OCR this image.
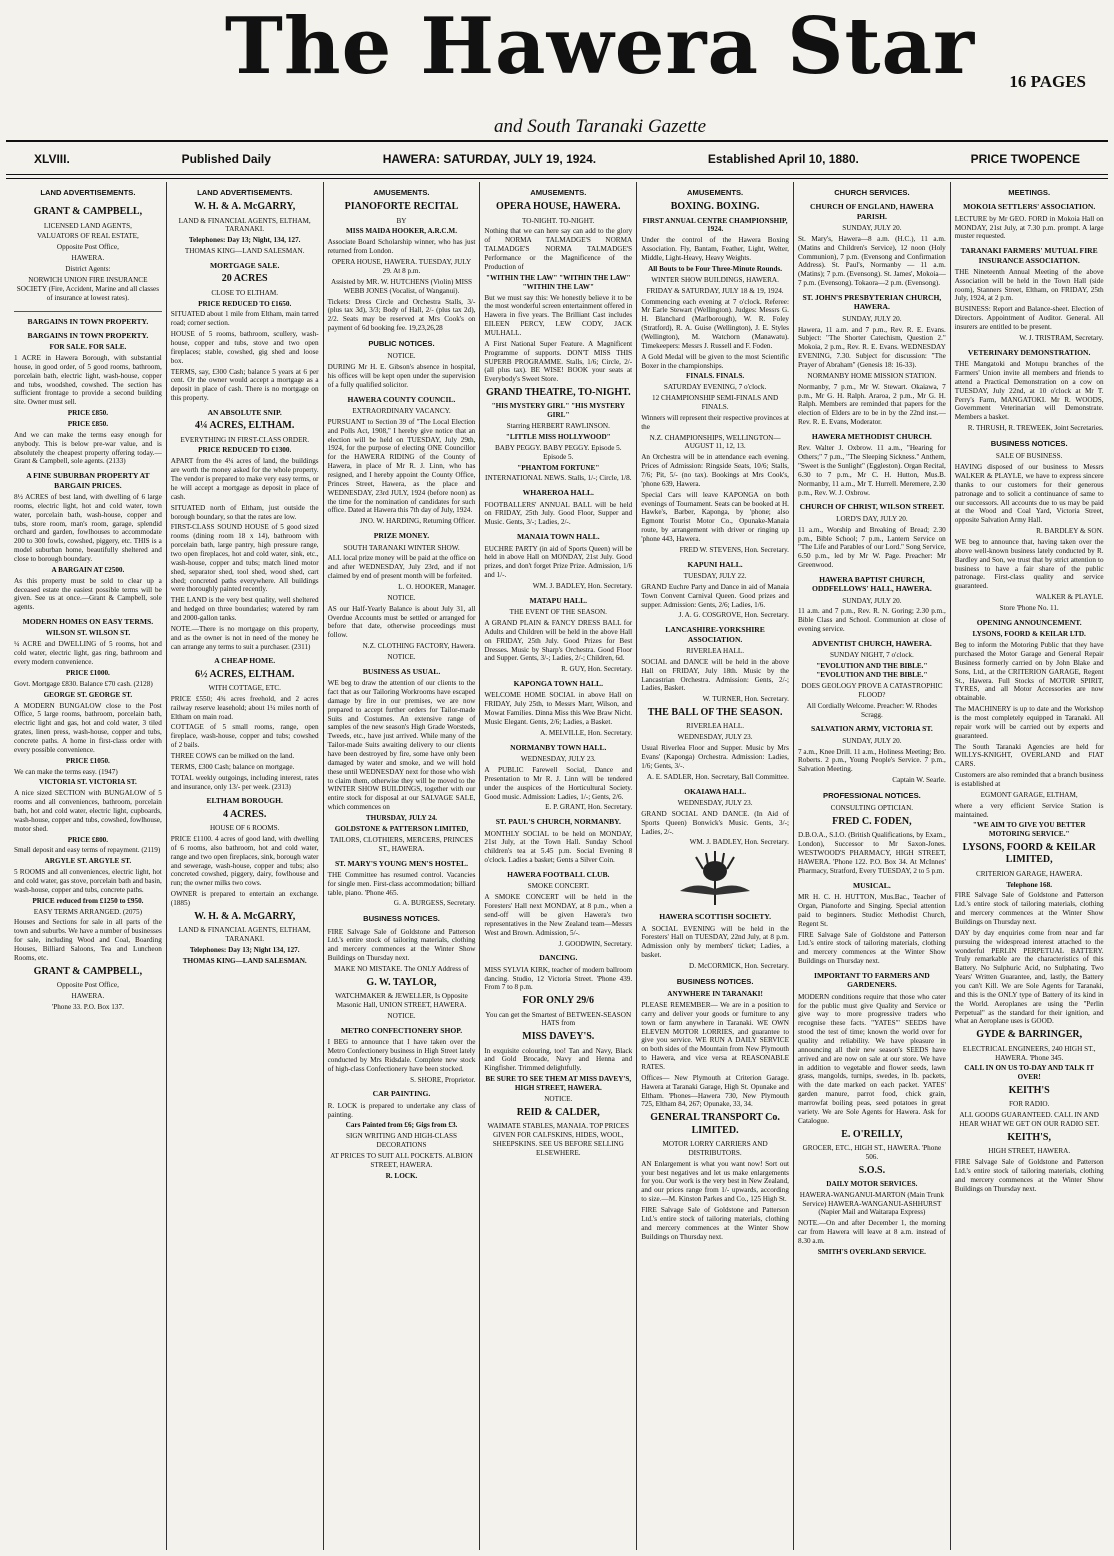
The Hawera Star	16 PAGES
and South Taranaki Gazette
XLVIII.	Published Daily	HAWERA: SATURDAY, JULY 19, 1924.	Established April 10, 1880.	PRICE TWOPENCE
LAND ADVERTISEMENTS.
GRANT & CAMPBELL,
LICENSED LAND AGENTS,
VALUATORS OF REAL ESTATE,
Opposite Post Office,
HAWERA.
District Agents:

NORWICH UNION FIRE INSURANCE SOCIETY (Fire, Accident, Marine and all classes of insurance at lowest rates).

BARGAINS IN TOWN PROPERTY.
BARGAINS IN TOWN PROPERTY.
FOR SALE. FOR SALE.

1 ACRE in Hawera Borough, with substantial house, in good order, of 5 good rooms, bathroom, porcelain bath, electric light, wash-house, copper and tubs, woodshed, cowshed. The section has sufficient frontage to provide a second building site. Owner must sell.

PRICE £850.
PRICE £850.

And we can make the terms easy enough for anybody. This is below pre-war value, and is absolutely the cheapest property offering today.—Grant & Campbell, sole agents. (2133)

A FINE SUBURBAN PROPERTY AT BARGAIN PRICES.

8½ ACRES of best land, with dwelling of 6 large rooms, electric light, hot and cold water, town water, porcelain bath, wash-house, copper and tubs, store room, man's room, garage, splendid orchard and garden, fowlhouses to accommodate 200 to 300 fowls, cowshed, piggery, etc. THIS is a model suburban home, beautifully sheltered and close to borough boundary.

A BARGAIN AT £2500.

As this property must be sold to clear up a deceased estate the easiest possible terms will be given. See us at once.—Grant & Campbell, sole agents.

MODERN HOMES ON EASY TERMS.
WILSON ST. WILSON ST.

¼ ACRE and DWELLING of 5 rooms, hot and cold water, electric light, gas ring, bathroom and every modern convenience.

PRICE £1000.

Govt. Mortgage £830. Balance £70 cash. (2128)

GEORGE ST. GEORGE ST.

A MODERN BUNGALOW close to the Post Office, 5 large rooms, bathroom, porcelain bath, electric light and gas, hot and cold water, 3 tiled grates, linen press, wash-house, copper and tubs, concrete paths. A home in first-class order with every possible convenience.

PRICE £1050.

We can make the terms easy. (1947)

VICTORIA ST. VICTORIA ST.

A nice sized SECTION with BUNGALOW of 5 rooms and all conveniences, bathroom, porcelain bath, hot and cold water, electric light, cupboards, wash-house, copper and tubs, cowshed, fowlhouse, motor shed.

PRICE £800.

Small deposit and easy terms of repayment. (2119)

ARGYLE ST. ARGYLE ST.

5 ROOMS and all conveniences, electric light, hot and cold water, gas stove, porcelain bath and basin, wash-house, copper and tubs, concrete paths.

PRICE reduced from £1250 to £950.
EASY TERMS ARRANGED. (2075)

Houses and Sections for sale in all parts of the town and suburbs. We have a number of businesses for sale, including Wood and Coal, Boarding Houses, Billiard Saloons, Tea and Luncheon Rooms, etc.

GRANT & CAMPBELL,
Opposite Post Office,
HAWERA.
'Phone 33. P.O. Box 137.
LAND ADVERTISEMENTS.
W. H. & A. McGARRY,
LAND & FINANCIAL AGENTS, ELTHAM, TARANAKI.
Telephones: Day 13; Night, 134, 127.
THOMAS KING—LAND SALESMAN.
MORTGAGE SALE.
20 ACRES
CLOSE TO ELTHAM.
PRICE REDUCED TO £1650.

SITUATED about 1 mile from Eltham, main tarred road; corner section.

HOUSE of 5 rooms, bathroom, scullery, wash-house, copper and tubs, stove and two open fireplaces; stable, cowshed, gig shed and loose box.

TERMS, say, £300 Cash; balance 5 years at 6 per cent. Or the owner would accept a mortgage as a deposit in place of cash. There is no mortgage on this property.

AN ABSOLUTE SNIP.
4¼ ACRES, ELTHAM.
EVERYTHING IN FIRST-CLASS ORDER.
PRICE REDUCED TO £1300.

APART from the 4¼ acres of land, the buildings are worth the money asked for the whole property. The vendor is prepared to make very easy terms, or he will accept a mortgage as deposit in place of cash.

SITUATED north of Eltham, just outside the borough boundary, so that the rates are low.

FIRST-CLASS SOUND HOUSE of 5 good sized rooms (dining room 18 x 14), bathroom with porcelain bath, large pantry, high pressure range, two open fireplaces, hot and cold water, sink, etc., wash-house, copper and tubs; match lined motor shed, separator shed, tool shed, wood shed, cart shed; concreted paths everywhere. All buildings were thoroughly painted recently.

THE LAND is the very best quality, well sheltered and hedged on three boundaries; watered by ram and 2000-gallon tanks.

NOTE.—There is no mortgage on this property, and as the owner is not in need of the money he can arrange any terms to suit a purchaser. (2311)

A CHEAP HOME.
6½ ACRES, ELTHAM.
WITH COTTAGE, ETC.

PRICE £550; 4¾ acres freehold, and 2 acres railway reserve leasehold; about 1¼ miles north of Eltham on main road.

COTTAGE of 5 small rooms, range, open fireplace, wash-house, copper and tubs; cowshed of 2 bails.

THREE COWS can be milked on the land.

TERMS, £300 Cash; balance on mortgage.

TOTAL weekly outgoings, including interest, rates and insurance, only 13/- per week. (2313)

ELTHAM BOROUGH.
4 ACRES.
HOUSE OF 6 ROOMS.

PRICE £1100. 4 acres of good land, with dwelling of 6 rooms, also bathroom, hot and cold water, range and two open fireplaces, sink, borough water and sewerage, wash-house, copper and tubs; also concreted cowshed, piggery, dairy, fowlhouse and run; the owner milks two cows.

OWNER is prepared to entertain an exchange. (1885)

W. H. & A. McGARRY,
LAND & FINANCIAL AGENTS, ELTHAM, TARANAKI.
Telephones: Day 13; Night 134, 127.
THOMAS KING—LAND SALESMAN.
AMUSEMENTS.
PIANOFORTE RECITAL
BY
MISS MAIDA HOOKER, A.R.C.M.

Associate Board Scholarship winner, who has just returned from London.

OPERA HOUSE, HAWERA. TUESDAY, JULY 29. At 8 p.m.
Assisted by MR. W. HUTCHENS (Violin) MISS WEBB JONES (Vocalist, of Wanganui).

Tickets: Dress Circle and Orchestra Stalls, 3/- (plus tax 3d), 3/3; Body of Hall, 2/- (plus tax 2d), 2/2. Seats may be reserved at Mrs Cook's on payment of 6d booking fee. 19,23,26,28

PUBLIC NOTICES.
NOTICE.

DURING Mr H. E. Gibson's absence in hospital, his offices will be kept open under the supervision of a fully qualified solicitor.

HAWERA COUNTY COUNCIL.
EXTRAORDINARY VACANCY.

PURSUANT to Section 39 of "The Local Election and Polls Act, 1908," I hereby give notice that an election will be held on TUESDAY, July 29th, 1924, for the purpose of electing ONE Councillor for the HAWERA RIDING of the County of Hawera, in place of Mr R. J. Linn, who has resigned, and I hereby appoint the County Office, Princes Street, Hawera, as the place and WEDNESDAY, 23rd JULY, 1924 (before noon) as the time for the nomination of candidates for such office. Dated at Hawera this 7th day of July, 1924.

JNO. W. HARDING, Returning Officer.
PRIZE MONEY.
SOUTH TARANAKI WINTER SHOW.

ALL local prize money will be paid at the office on and after WEDNESDAY, July 23rd, and if not claimed by end of present month will be forfeited.

L. O. HOOKER, Manager.
NOTICE.

AS our Half-Yearly Balance is about July 31, all Overdue Accounts must be settled or arranged for before that date, otherwise proceedings must follow.

N.Z. CLOTHING FACTORY, Hawera.
NOTICE.
BUSINESS AS USUAL.

WE beg to draw the attention of our clients to the fact that as our Tailoring Workrooms have escaped damage by fire in our premises, we are now prepared to accept further orders for Tailor-made Suits and Costumes. An extensive range of samples of the new season's High Grade Worsteds, Tweeds, etc., have just arrived. While many of the Tailor-made Suits awaiting delivery to our clients have been destroyed by fire, some have only been damaged by water and smoke, and we will hold these until WEDNESDAY next for those who wish to claim them, otherwise they will be moved to the WINTER SHOW BUILDINGS, together with our entire stock for disposal at our SALVAGE SALE, which commences on

THURSDAY, JULY 24.
GOLDSTONE & PATTERSON LIMITED,
TAILORS, CLOTHIERS, MERCERS, PRINCES ST., HAWERA.
ST. MARY'S YOUNG MEN'S HOSTEL.

THE Committee has resumed control. Vacancies for single men. First-class accommodation; billiard table, piano. 'Phone 465.

G. A. BURGESS, Secretary.
BUSINESS NOTICES.

FIRE Salvage Sale of Goldstone and Patterson Ltd.'s entire stock of tailoring materials, clothing and mercery commences at the Winter Show Buildings on Thursday next.

MAKE NO MISTAKE. The ONLY Address of
G. W. TAYLOR,
WATCHMAKER & JEWELLER, Is Opposite Masonic Hall, UNION STREET, HAWERA.
NOTICE.
METRO CONFECTIONERY SHOP.

I BEG to announce that I have taken over the Metro Confectionery business in High Street lately conducted by Mrs Ridsdale. Complete new stock of high-class Confectionery have been stocked.

S. SHORE, Proprietor.
CAR PAINTING.

R. LOCK is prepared to undertake any class of painting.

Cars Painted from £6; Gigs from £3.
SIGN WRITING AND HIGH-CLASS DECORATIONS
AT PRICES TO SUIT ALL POCKETS. ALBION STREET, HAWERA.
R. LOCK.
AMUSEMENTS.
OPERA HOUSE, HAWERA.
TO-NIGHT. TO-NIGHT.

Nothing that we can here say can add to the glory of NORMA TALMADGE'S NORMA TALMADGE'S NORMA TALMADGE'S Performance or the Magnificence of the Production of

"WITHIN THE LAW" "WITHIN THE LAW" "WITHIN THE LAW"

But we must say this: We honestly believe it to be the most wonderful screen entertainment offered in Hawera in five years. The Brilliant Cast includes EILEEN PERCY, LEW CODY, JACK MULHALL.

A First National Super Feature. A Magnificent Programme of supports. DON'T MISS THIS SUPERB PROGRAMME. Stalls, 1/6; Circle, 2/- (all plus tax). BE WISE! BOOK your seats at Everybody's Sweet Store.

GRAND THEATRE, TO-NIGHT.
"HIS MYSTERY GIRL" "HIS MYSTERY GIRL"
Starring HERBERT RAWLINSON.
"LITTLE MISS HOLLYWOOD"
BABY PEGGY. BABY PEGGY. Episode 5. Episode 5.
"PHANTOM FORTUNE"
INTERNATIONAL NEWS. Stalls, 1/-; Circle, 1/8.
WHAREROA HALL.

FOOTBALLERS' ANNUAL BALL will be held on FRIDAY, 25th July. Good Floor, Supper and Music. Gents, 3/-; Ladies, 2/-.

MANAIA TOWN HALL.

EUCHRE PARTY (in aid of Sports Queen) will be held in above Hall on MONDAY, 21st July. Good prizes, and don't forget Prize Prize. Admission, 1/6 and 1/-.

WM. J. BADLEY, Hon. Secretary.
MATAPU HALL.
THE EVENT OF THE SEASON.

A GRAND PLAIN & FANCY DRESS BALL for Adults and Children will be held in the above Hall on FRIDAY, 25th July. Good Prizes for Best Dresses. Music by Sharp's Orchestra. Good Floor and Supper. Gents, 3/-; Ladies, 2/-; Children, 6d.

R. GUY, Hon. Secretary.
KAPONGA TOWN HALL.

WELCOME HOME SOCIAL in above Hall on FRIDAY, July 25th, to Messrs Marr, Wilson, and Mowat Families. Dinna Miss this Wee Braw Nicht. Music Elegant. Gents, 2/6; Ladies, a Basket.

A. MELVILLE, Hon. Secretary.
NORMANBY TOWN HALL.
WEDNESDAY, JULY 23.

A PUBLIC Farewell Social, Dance and Presentation to Mr R. J. Linn will be tendered under the auspices of the Horticultural Society. Good music. Admission: Ladies, 1/-; Gents, 2/6.

E. P. GRANT, Hon. Secretary.
ST. PAUL'S CHURCH, NORMANBY.

MONTHLY SOCIAL to be held on MONDAY, 21st July, at the Town Hall. Sunday School children's tea at 5.45 p.m. Social Evening 8 o'clock. Ladies a basket; Gents a Silver Coin.

HAWERA FOOTBALL CLUB.
SMOKE CONCERT.

A SMOKE CONCERT will be held in the Foresters' Hall next MONDAY, at 8 p.m., when a send-off will be given Hawera's two representatives in the New Zealand team—Messrs West and Brown. Admission, 5/-.

J. GOODWIN, Secretary.
DANCING.

MISS SYLVIA KIRK, teacher of modern ballroom dancing. Studio, 12 Victoria Street. 'Phone 439. From 7 to 8 p.m.

FOR ONLY 29/6

You can get the Smartest of BETWEEN-SEASON HATS from

MISS DAVEY'S.

In exquisite colouring, too! Tan and Navy, Black and Gold Brocade, Navy and Henna and Kingfisher. Trimmed delightfully.

BE SURE TO SEE THEM AT MISS DAVEY'S, HIGH STREET, HAWERA.
NOTICE.
REID & CALDER,
WAIMATE STABLES, MANAIA. TOP PRICES GIVEN FOR CALFSKINS, HIDES, WOOL, SHEEPSKINS. SEE US BEFORE SELLING ELSEWHERE.
AMUSEMENTS.
BOXING. BOXING.
FIRST ANNUAL CENTRE CHAMPIONSHIP, 1924.

Under the control of the Hawera Boxing Association. Fly, Bantam, Feather, Light, Welter, Middle, Light-Heavy, Heavy Weights.

All Bouts to be Four Three-Minute Rounds.
WINTER SHOW BUILDINGS, HAWERA.
FRIDAY & SATURDAY, JULY 18 & 19, 1924.

Commencing each evening at 7 o'clock. Referee: Mr Earle Stewart (Wellington). Judges: Messrs G. H. Blanchard (Marlborough), W. R. Foley (Stratford), R. A. Guise (Wellington), J. E. Styles (Wellington), M. Watchorn (Manawatu). Timekeepers: Messrs J. Russell and F. Foden.

A Gold Medal will be given to the most Scientific Boxer in the championships.

FINALS. FINALS.
SATURDAY EVENING, 7 o'clock.
12 CHAMPIONSHIP SEMI-FINALS AND FINALS.

Winners will represent their respective provinces at the

N.Z. CHAMPIONSHIPS, WELLINGTON—AUGUST 11, 12, 13.

An Orchestra will be in attendance each evening. Prices of Admission: Ringside Seats, 10/6; Stalls, 7/6; Pit, 5/- (no tax). Bookings at Mrs Cook's, 'phone 639, Hawera.

Special Cars will leave KAPONGA on both evenings of Tournament. Seats can be booked at H. Hawke's, Barber, Kaponga, by 'phone; also Egmont Tourist Motor Co., Opunake-Manaia route, by arrangement with driver or ringing up 'phone 443, Hawera.

FRED W. STEVENS, Hon. Secretary.
KAPUNI HALL.
TUESDAY, JULY 22.

GRAND Euchre Party and Dance in aid of Manaia Town Convent Carnival Queen. Good prizes and supper. Admission: Gents, 2/6; Ladies, 1/6.

J. A. G. COSGROVE, Hon. Secretary.
LANCASHIRE-YORKSHIRE ASSOCIATION.
RIVERLEA HALL.

SOCIAL and DANCE will be held in the above Hall on FRIDAY, July 18th. Music by the Lancastrian Orchestra. Admission: Gents, 2/-; Ladies, Basket.

W. TURNER, Hon. Secretary.
THE BALL OF THE SEASON.
RIVERLEA HALL.
WEDNESDAY, JULY 23.

Usual Riverlea Floor and Supper. Music by Mrs Evans' (Kaponga) Orchestra. Admission: Ladies, 1/6; Gents, 3/-.

A. E. SADLER, Hon. Secretary, Ball Committee.
OKAIAWA HALL.
WEDNESDAY, JULY 23.

GRAND SOCIAL AND DANCE. (In Aid of Sports Queen) Bonwick's Music. Gents, 3/-; Ladies, 2/-.

WM. J. BADLEY, Hon. Secretary.
HAWERA SCOTTISH SOCIETY.

A SOCIAL EVENING will be held in the Foresters' Hall on TUESDAY, 22nd July, at 8 p.m. Admission only by members' ticket; Ladies, a basket.

D. McCORMICK, Hon. Secretary.
BUSINESS NOTICES.
ANYWHERE IN TARANAKI!

PLEASE REMEMBER— We are in a position to carry and deliver your goods or furniture to any town or farm anywhere in Taranaki. WE OWN ELEVEN MOTOR LORRIES, and guarantee to give you service. WE RUN A DAILY SERVICE on both sides of the Mountain from New Plymouth to Hawera, and vice versa at REASONABLE RATES.

Offices— New Plymouth at Criterion Garage. Hawera at Taranaki Garage, High St. Opunake and Eltham. 'Phones—Hawera 730, New Plymouth 725, Eltham 84, 267; Opunake, 33, 34.

GENERAL TRANSPORT Co. LIMITED.
MOTOR LORRY CARRIERS AND DISTRIBUTORS.

AN Enlargement is what you want now! Sort out your best negatives and let us make enlargements for you. Our work is the very best in New Zealand, and our prices range from 1/- upwards, according to size.—M. Kinston Parkes and Co., 125 High St.

FIRE Salvage Sale of Goldstone and Patterson Ltd.'s entire stock of tailoring materials, clothing and mercery commences at the Winter Show Buildings on Thursday next.

CHURCH SERVICES.
CHURCH OF ENGLAND, HAWERA PARISH.
SUNDAY, JULY 20.

St. Mary's, Hawera—8 a.m. (H.C.), 11 a.m. (Matins and Children's Service), 12 noon (Holy Communion), 7 p.m. (Evensong and Confirmation Address). St. Paul's, Normanby — 11 a.m. (Matins); 7 p.m. (Evensong). St. James', Mokoia—7 p.m. (Evensong). Tokaora—2 p.m. (Evensong).

ST. JOHN'S PRESBYTERIAN CHURCH, HAWERA.
SUNDAY, JULY 20.

Hawera, 11 a.m. and 7 p.m., Rev. R. E. Evans. Subject: "The Shorter Catechism, Question 2." Mokoia, 2 p.m., Rev. R. E. Evans. WEDNESDAY EVENING, 7.30. Subject for discussion: "The Prayer of Abraham" (Genesis 18: 16-33).

NORMANBY HOME MISSION STATION.

Normanby, 7 p.m., Mr W. Stewart. Okaiawa, 7 p.m., Mr G. H. Ralph. Araroa, 2 p.m., Mr G. H. Ralph. Members are reminded that papers for the election of Elders are to be in by the 22nd inst.—Rev. R. E. Evans, Moderator.

HAWERA METHODIST CHURCH.

Rev. Walter J. Oxbrow. 11 a.m., "Hearing for Others;" 7 p.m., "The Sleeping Sickness." Anthem, "Sweet is the Sunlight" (Eggleston). Organ Recital, 6.30 to 7 p.m., Mr C. H. Hutton, Mus.B. Normanby, 11 a.m., Mr T. Hurrell. Meremere, 2.30 p.m., Rev. W. J. Oxbrow.

CHURCH OF CHRIST, WILSON STREET.
LORD'S DAY, JULY 20.

11 a.m., Worship and Breaking of Bread; 2.30 p.m., Bible School; 7 p.m., Lantern Service on "The Life and Parables of our Lord." Song Service, 6.50 p.m., led by Mr W. Page. Preacher: Mr Greenwood.

HAWERA BAPTIST CHURCH, ODDFELLOWS' HALL, HAWERA.
SUNDAY, JULY 20.

11 a.m. and 7 p.m., Rev. R. N. Goring; 2.30 p.m., Bible Class and School. Communion at close of evening service.

ADVENTIST CHURCH, HAWERA.
SUNDAY NIGHT, 7 o'clock.
"EVOLUTION AND THE BIBLE." "EVOLUTION AND THE BIBLE."
DOES GEOLOGY PROVE A CATASTROPHIC FLOOD?
All Cordially Welcome. Preacher: W. Rhodes Scragg.
SALVATION ARMY, VICTORIA ST.
SUNDAY, JULY 20.

7 a.m., Knee Drill. 11 a.m., Holiness Meeting; Bro. Roberts. 2 p.m., Young People's Service. 7 p.m., Salvation Meeting.

Captain W. Searle.
PROFESSIONAL NOTICES.
CONSULTING OPTICIAN.
FRED C. FODEN,

D.B.O.A., S.I.O. (British Qualifications, by Exam., London), Successor to Mr Saxon-Jones. WESTWOOD'S PHARMACY, HIGH STREET, HAWERA. 'Phone 122. P.O. Box 34. At McInnes' Pharmacy, Stratford, Every TUESDAY, 2 to 5 p.m.

MUSICAL.

MR H. C. H. HUTTON, Mus.Bac., Teacher of Organ, Pianoforte and Singing. Special attention paid to beginners. Studio: Methodist Church, Regent St.

FIRE Salvage Sale of Goldstone and Patterson Ltd.'s entire stock of tailoring materials, clothing and mercery commences at the Winter Show Buildings on Thursday next.

IMPORTANT TO FARMERS AND GARDENERS.

MODERN conditions require that those who cater for the public must give Quality and Service or give way to more progressive traders who recognise these facts. "YATES'" SEEDS have stood the test of time; known the world over for quality and reliability. We have pleasure in announcing all their new season's SEEDS have arrived and are now on sale at our store. We have in addition to vegetable and flower seeds, lawn grass, mangolds, turnips, swedes, in lb. packets, with the date marked on each packet. YATES' garden manure, parrot food, chick grain, marrowfat boiling peas, seed potatoes in great variety. We are Sole Agents for Hawera. Ask for Catalogue.

E. O'REILLY,
GROCER, ETC., HIGH ST., HAWERA. 'Phone 506.
S.O.S.
DAILY MOTOR SERVICES.
HAWERA-WANGANUI-MARTON (Main Trunk Service) HAWERA-WANGANUI-ASHHURST (Napier Mail and Waitarapa Express)

NOTE.—On and after December 1, the morning car from Hawera will leave at 8 a.m. instead of 8.30 a.m.

SMITH'S OVERLAND SERVICE.
MEETINGS.
MOKOIA SETTLERS' ASSOCIATION.

LECTURE by Mr GEO. FORD in Mokoia Hall on MONDAY, 21st July, at 7.30 p.m. prompt. A large muster requested.

TARANAKI FARMERS' MUTUAL FIRE INSURANCE ASSOCIATION.

THE Nineteenth Annual Meeting of the above Association will be held in the Town Hall (side room), Stanners Street, Eltham, on FRIDAY, 25th July, 1924, at 2 p.m.

BUSINESS: Report and Balance-sheet. Election of Directors. Appointment of Auditor. General. All insurers are entitled to be present.

W. J. TRISTRAM, Secretary.
VETERINARY DEMONSTRATION.

THE Mangatoki and Motupu branches of the Farmers' Union invite all members and friends to attend a Practical Demonstration on a cow on TUESDAY, July 22nd, at 10 o'clock at Mr T. Perry's Farm, MANGATOKI. Mr R. WOODS, Government Veterinarian will Demonstrate. Members a basket.

R. THRUSH, R. TREWEEK, Joint Secretaries.
BUSINESS NOTICES.
SALE OF BUSINESS.

HAVING disposed of our business to Messrs WALKER & PLAYLE, we have to express sincere thanks to our customers for their generous patronage and to solicit a continuance of same to our successors. All accounts due to us may be paid at the Wood and Coal Yard, Victoria Street, opposite Salvation Army Hall.

R. BARDLEY & SON.

WE beg to announce that, having taken over the above well-known business lately conducted by R. Bardley and Son, we trust that by strict attention to business to have a fair share of the public patronage. First-class quality and service guaranteed.

WALKER & PLAYLE.
Store 'Phone No. 11.
OPENING ANNOUNCEMENT.
LYSONS, FOORD & KEILAR LTD.

Beg to inform the Motoring Public that they have purchased the Motor Garage and General Repair Business formerly carried on by John Blake and Sons, Ltd., at the CRITERION GARAGE, Regent St., Hawera. Full Stocks of MOTOR SPIRIT, TYRES, and all Motor Accessories are now obtainable.

The MACHINERY is up to date and the Workshop is the most completely equipped in Taranaki. All repair work will be carried out by experts and guaranteed.

The South Taranaki Agencies are held for WILLYS-KNIGHT, OVERLAND and FIAT CARS.

Customers are also reminded that a branch business is established at

EGMONT GARAGE, ELTHAM,

where a very efficient Service Station is maintained.

"WE AIM TO GIVE YOU BETTER MOTORING SERVICE."
LYSONS, FOORD & KEILAR LIMITED,
CRITERION GARAGE, HAWERA.
Telephone 168.

FIRE Salvage Sale of Goldstone and Patterson Ltd.'s entire stock of tailoring materials, clothing and mercery commences at the Winter Show Buildings on Thursday next.

DAY by day enquiries come from near and far pursuing the widespread interest attached to the wonderful PERLIN PERPETUAL BATTERY. Truly remarkable are the characteristics of this Battery. No Sulphuric Acid, no Sulphating. Two Years' Written Guarantee, and, lastly, the Battery you can't Kill. We are Sole Agents for Taranaki, and this is the ONLY type of Battery of its kind in the World. Aeroplanes are using the "Perlin Perpetual" as the standard for their ignition, and what an Aeroplane uses is GOOD.

GYDE & BARRINGER,
ELECTRICAL ENGINEERS, 240 HIGH ST., HAWERA. 'Phone 345.
CALL IN ON US TO-DAY AND TALK IT OVER!
KEITH'S
FOR RADIO.
ALL GOODS GUARANTEED. CALL IN AND HEAR WHAT WE GET ON OUR RADIO SET.
KEITH'S,
HIGH STREET, HAWERA.

FIRE Salvage Sale of Goldstone and Patterson Ltd.'s entire stock of tailoring materials, clothing and mercery commences at the Winter Show Buildings on Thursday next.
